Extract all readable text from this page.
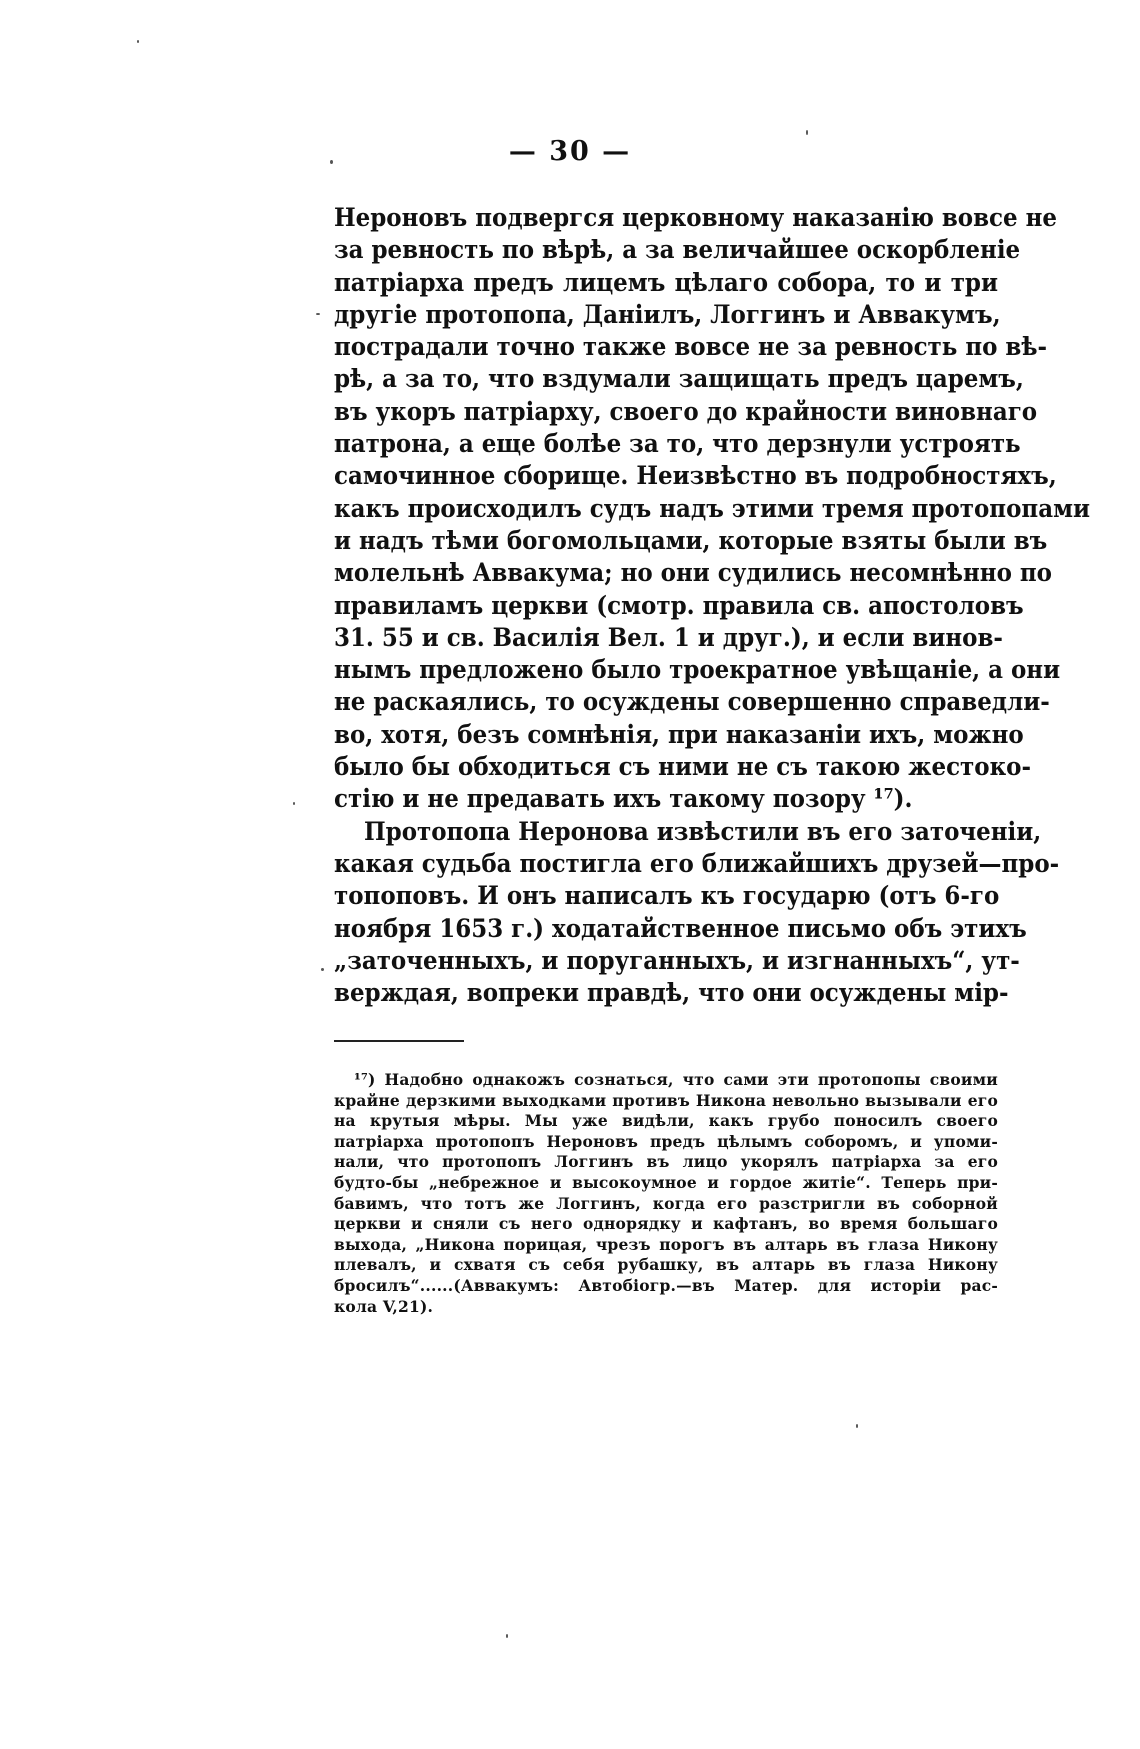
— 30 —
Нероновъ подвергся церковному наказанію вовсе не
за ревность по вѣрѣ, а за величайшее оскорбленіе
патріарха предъ лицемъ цѣлаго собора, то и три
другіе протопопа, Даніилъ, Логгинъ и Аввакумъ,
пострадали точно также вовсе не за ревность по вѣ-
рѣ, а за то, что вздумали защищать предъ царемъ,
въ укоръ патріарху, своего до крайности виновнаго
патрона, а еще болѣе за то, что дерзнули устроять
самочинное сборище. Неизвѣстно въ подробностяхъ,
какъ происходилъ судъ надъ этими тремя протопопами
и надъ тѣми богомольцами, которые взяты были въ
молельнѣ Аввакума; но они судились несомнѣнно по
правиламъ церкви (смотр. правила св. апостоловъ
31. 55 и св. Василія Вел. 1 и друг.), и если винов-
нымъ предложено было троекратное увѣщаніе, а они
не раскаялись, то осуждены совершенно справедли-
во, хотя, безъ сомнѣнія, при наказаніи ихъ, можно
было бы обходиться съ ними не съ такою жестоко-
стію и не предавать ихъ такому позору ¹⁷).
Протопопа Неронова извѣстили въ его заточеніи,
какая судьба постигла его ближайшихъ друзей—про-
топоповъ. И онъ написалъ къ государю (отъ 6-го
ноября 1653 г.) ходатайственное письмо объ этихъ
„заточенныхъ, и поруганныхъ, и изгнанныхъ“, ут-
верждая, вопреки правдѣ, что они осуждены мір-
¹⁷) Надобно однакожъ сознаться, что сами эти протопопы своими
крайне дерзкими выходками противъ Никона невольно вызывали его
на крутыя мѣры. Мы уже видѣли, какъ грубо поносилъ своего
патріарха протопопъ Нероновъ предъ цѣлымъ соборомъ, и упоми-
нали, что протопопъ Логгинъ въ лицо укорялъ патріарха за его
будто-бы „небрежное и высокоумное и гордое житіе“. Теперь при-
бавимъ, что тотъ же Логгинъ, когда его разстригли въ соборной
церкви и сняли съ него однорядку и кафтанъ, во время большаго
выхода, „Никона порицая, чрезъ порогъ въ алтарь въ глаза Никону
плевалъ, и схватя съ себя рубашку, въ алтарь въ глаза Никону
бросилъ“......(Аввакумъ: Автобіогр.—въ Матер. для исторіи рас-
кола V,21).
